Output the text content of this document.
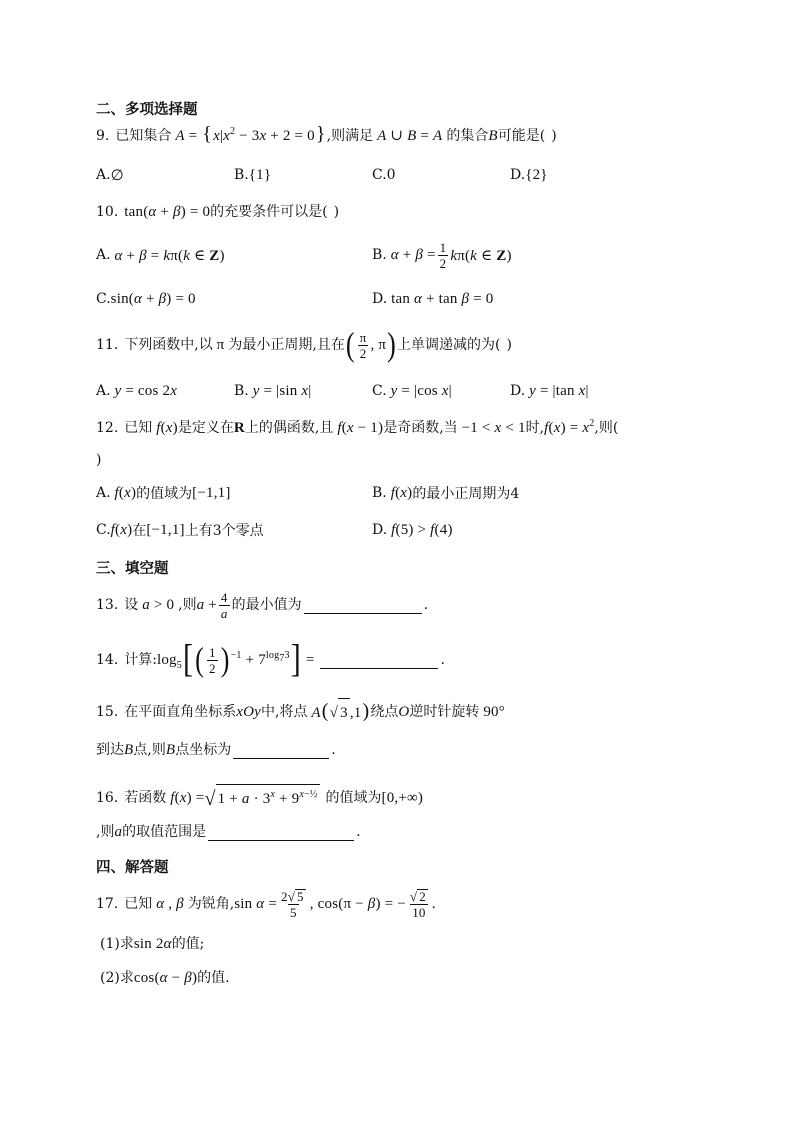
二、多项选择题
9. 已知集合 $A = \{x|x^2 - 3x + 2 = 0\}$ ,则满足 A ∪ B = A 的集合 B 可能是( )
A. ∅	B. {1}	C.0	D. {2}
10. tan(α + β) = 0 的充要条件可以是( )
A. α + β = kπ(k ∈ Z)	B. $\alpha + \beta = \frac{1}{2} k\pi(k$ ∈ Z)
C. sin(α + β) = 0	D. tan α + tan β = 0
11. 下列函数中,以 π 为最小正周期,且在 ( $\frac{\pi}{2}$ , π ) 上单调递减的为( )
A. y = cos 2x	B. y = |sin x|	C. y = |cos x|	D. y = |tan x|
12. 已知 f(x) 是定义在 R 上的偶函数,且 f(x − 1) 是奇函数,当 −1 < x < 1 时, $f(x) = x^2$ ,则(
)
A. f(x) 的值域为 [−1,1]	B. f(x) 的最小正周期为4
C. f(x) 在 [−1,1] 上有3个零点	D. f(5) > f(4)
三、填空题
13. 设 a > 0 ,则 $a + \frac{4}{a}$ 的最小值为	.
14. 计算: $\log_5$ [ ( $\frac{1}{2}$ ) $^{-1} + 7^{log_73}$ ] =	.
15. 在平面直角坐标系 xOy 中,将点 A( √ 3 ,1) 绕点 O 逆时针旋转 90°
到达 B 点,则 B 点坐标为	.
16. 若函数 f(x) = √ $1 + a \cdot 3^x + 9^{x-\frac{1}{2}}$ 的值域为 [0,+∞)
,则 a 的取值范围是	.
四、解答题
17. 已知 α , β 为锐角, $\sin \alpha = \frac{2 √ 5}{5}$ , cos(π − β) = − $\frac{√ 2}{10}$ .
(1)求 sin 2α 的值;
(2)求 cos(α − β) 的值.
